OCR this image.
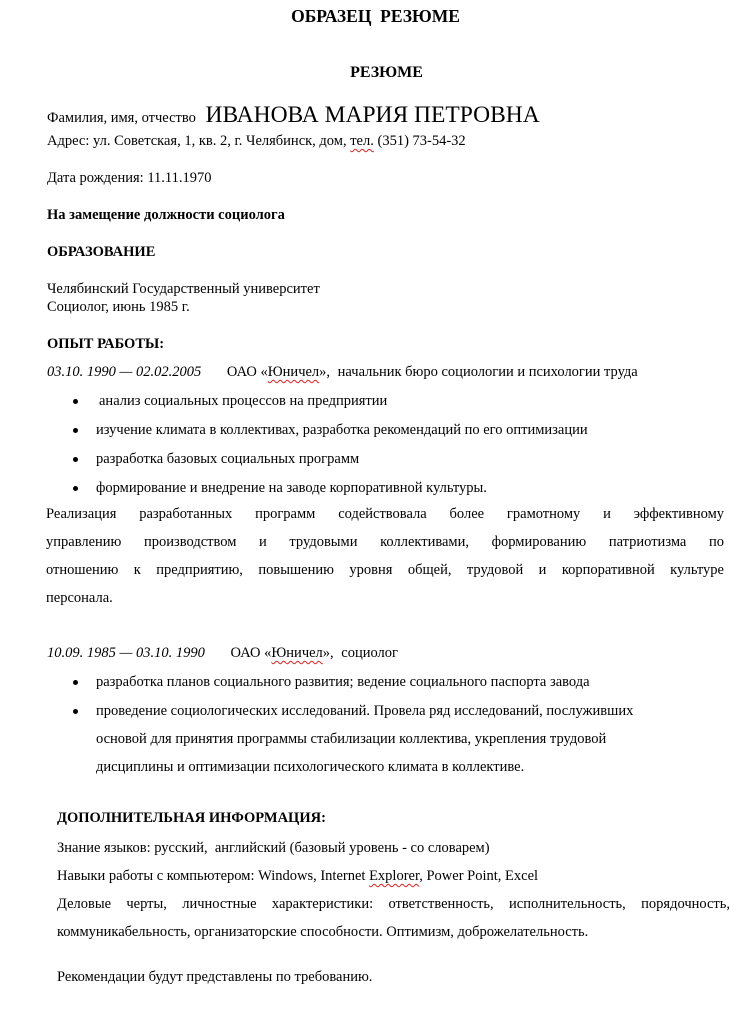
ОБРАЗЕЦ  РЕЗЮМЕ
РЕЗЮМЕ
Фамилия, имя, отчество ИВАНОВА МАРИЯ ПЕТРОВНА
Адрес: ул. Советская, 1, кв. 2, г. Челябинск, дом, тел. (351) 73-54-32
Дата рождения: 11.11.1970
На замещение должности социолога
ОБРАЗОВАНИЕ
Челябинский Государственный университет
Социолог, июнь 1985 г.
ОПЫТ РАБОТЫ:
03.10. 1990 — 02.02.2005 ОАО «Юничел», начальник бюро социологии и психологии труда
анализ социальных процессов на предприятии
изучение климата в коллективах, разработка рекомендаций по его оптимизации
разработка базовых социальных программ
формирование и внедрение на заводе корпоративной культуры.
Реализация разработанных программ содействовала более грамотному и эффективному
управлению производством и трудовыми коллективами, формированию патриотизма по
отношению к предприятию, повышению уровня общей, трудовой и корпоративной культуре
персонала.
10.09. 1985 — 03.10. 1990 ОАО «Юничел», социолог
разработка планов социального развития; ведение социального паспорта завода
проведение социологических исследований. Провела ряд исследований, послуживших
основой для принятия программы стабилизации коллектива, укрепления трудовой
дисциплины и оптимизации психологического климата в коллективе.
ДОПОЛНИТЕЛЬНАЯ ИНФОРМАЦИЯ:
Знание языков: русский,  английский (базовый уровень - со словарем)
Навыки работы с компьютером: Windows, Internet Explorer, Power Point, Excel
Деловые черты, личностные характеристики: ответственность, исполнительность, порядочность,
коммуникабельность, организаторские способности. Оптимизм, доброжелательность.
Рекомендации будут представлены по требованию.
